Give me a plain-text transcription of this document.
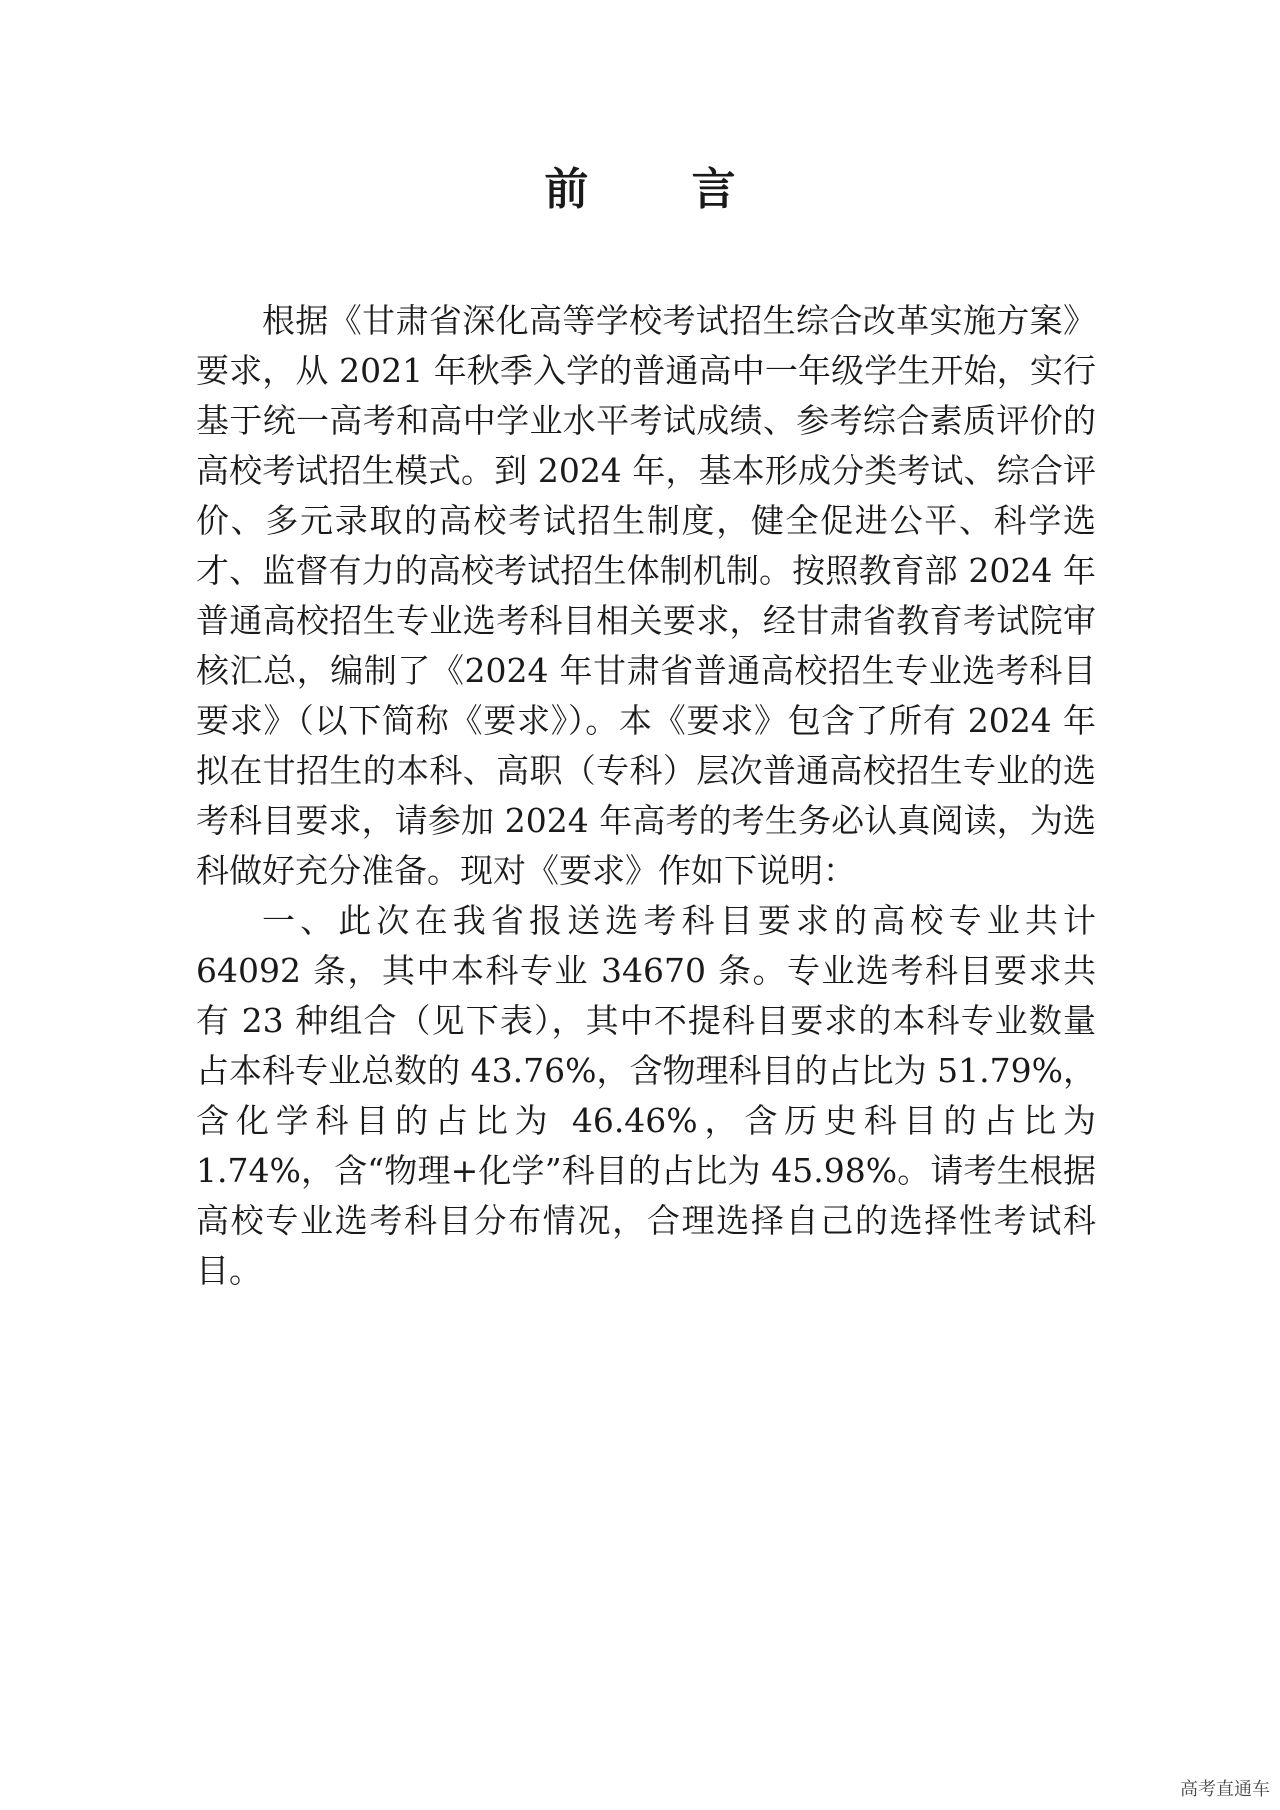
前 言

根据《甘肃省深化高等学校考试招生综合改革实施方案》要求，从 2021 年秋季入学的普通高中一年级学生开始，实行基于统一高考和高中学业水平考试成绩、参考综合素质评价的高校考试招生模式。到 2024 年，基本形成分类考试、综合评价、多元录取的高校考试招生制度，健全促进公平、科学选才、监督有力的高校考试招生体制机制。按照教育部 2024 年普通高校招生专业选考科目相关要求，经甘肃省教育考试院审核汇总，编制了《2024 年甘肃省普通高校招生专业选考科目要求》（以下简称《要求》）。本《要求》包含了所有 2024 年拟在甘招生的本科、高职（专科）层次普通高校招生专业的选考科目要求，请参加 2024 年高考的考生务必认真阅读，为选科做好充分准备。现对《要求》作如下说明：

一、此次在我省报送选考科目要求的高校专业共计 64092 条，其中本科专业 34670 条。专业选考科目要求共有 23 种组合（见下表），其中不提科目要求的本科专业数量占本科专业总数的 43.76%，含物理科目的占比为 51.79%，含化学科目的占比为 46.46%，含历史科目的占比为 1.74%，含“物理+化学”科目的占比为 45.98%。请考生根据高校专业选考科目分布情况，合理选择自己的选择性考试科目。

高考直通车
